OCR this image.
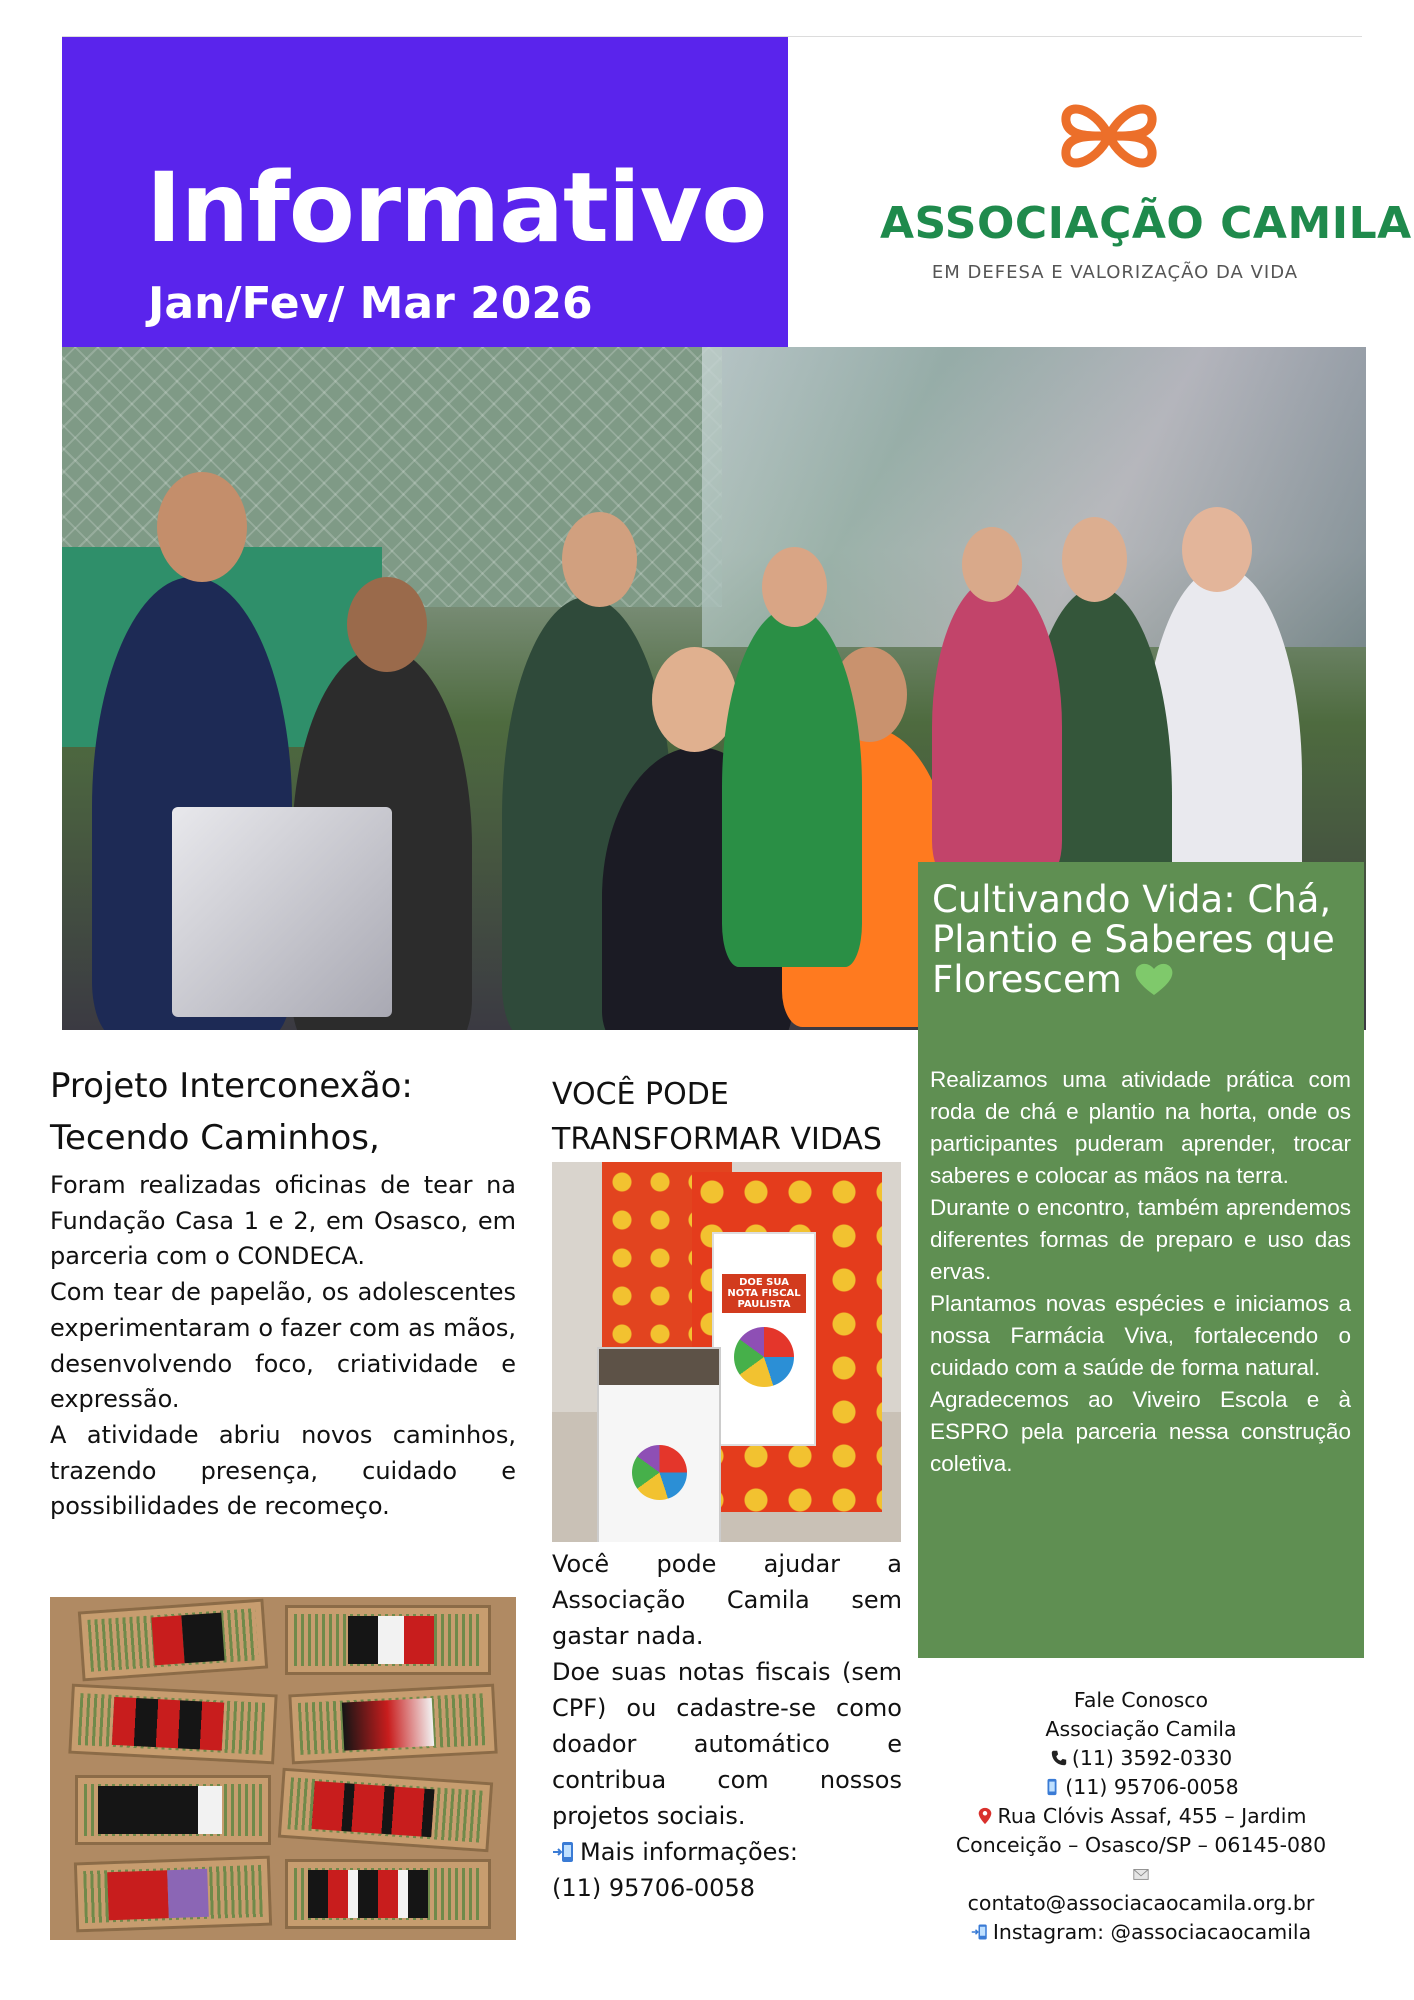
Informativo
Jan/Fev/ Mar 2026
ASSOCIAÇÃO CAMILA
EM DEFESA E VALORIZAÇÃO DA VIDA
Cultivando Vida: Chá, Plantio e Saberes que Florescem

Realizamos uma atividade prática com roda de chá e plantio na horta, onde os participantes puderam aprender, trocar saberes e colocar as mãos na terra.

Durante o encontro, também aprendemos diferentes formas de preparo e uso das ervas.

Plantamos novas espécies e iniciamos a nossa Farmácia Viva, fortalecendo o cuidado com a saúde de forma natural.

Agradecemos ao Viveiro Escola e à ESPRO pela parceria nessa construção coletiva.

Projeto Interconexão:
Tecendo Caminhos,

Foram realizadas oficinas de tear na Fundação Casa 1 e 2, em Osasco, em parceria com o CONDECA.

Com tear de papelão, os adolescentes experimentaram o fazer com as mãos, desenvolvendo foco, criatividade e expressão.

A atividade abriu novos caminhos, trazendo presença, cuidado e possibilidades de recomeço.

VOCÊ PODE
TRANSFORMAR VIDAS
DOE SUA NOTA FISCAL PAULISTA

Você pode ajudar a Associação Camila sem gastar nada.

Doe suas notas fiscais (sem CPF) ou cadastre-se como doador automático e contribua com nossos projetos sociais.

Mais informações:

(11) 95706-0058

Fale Conosco
Associação Camila
(11) 3592-0330
(11) 95706-0058
Rua Clóvis Assaf, 455 – Jardim
Conceição – Osasco/SP – 06145-080
contato@associacaocamila.org.br
Instagram: @associacaocamila
